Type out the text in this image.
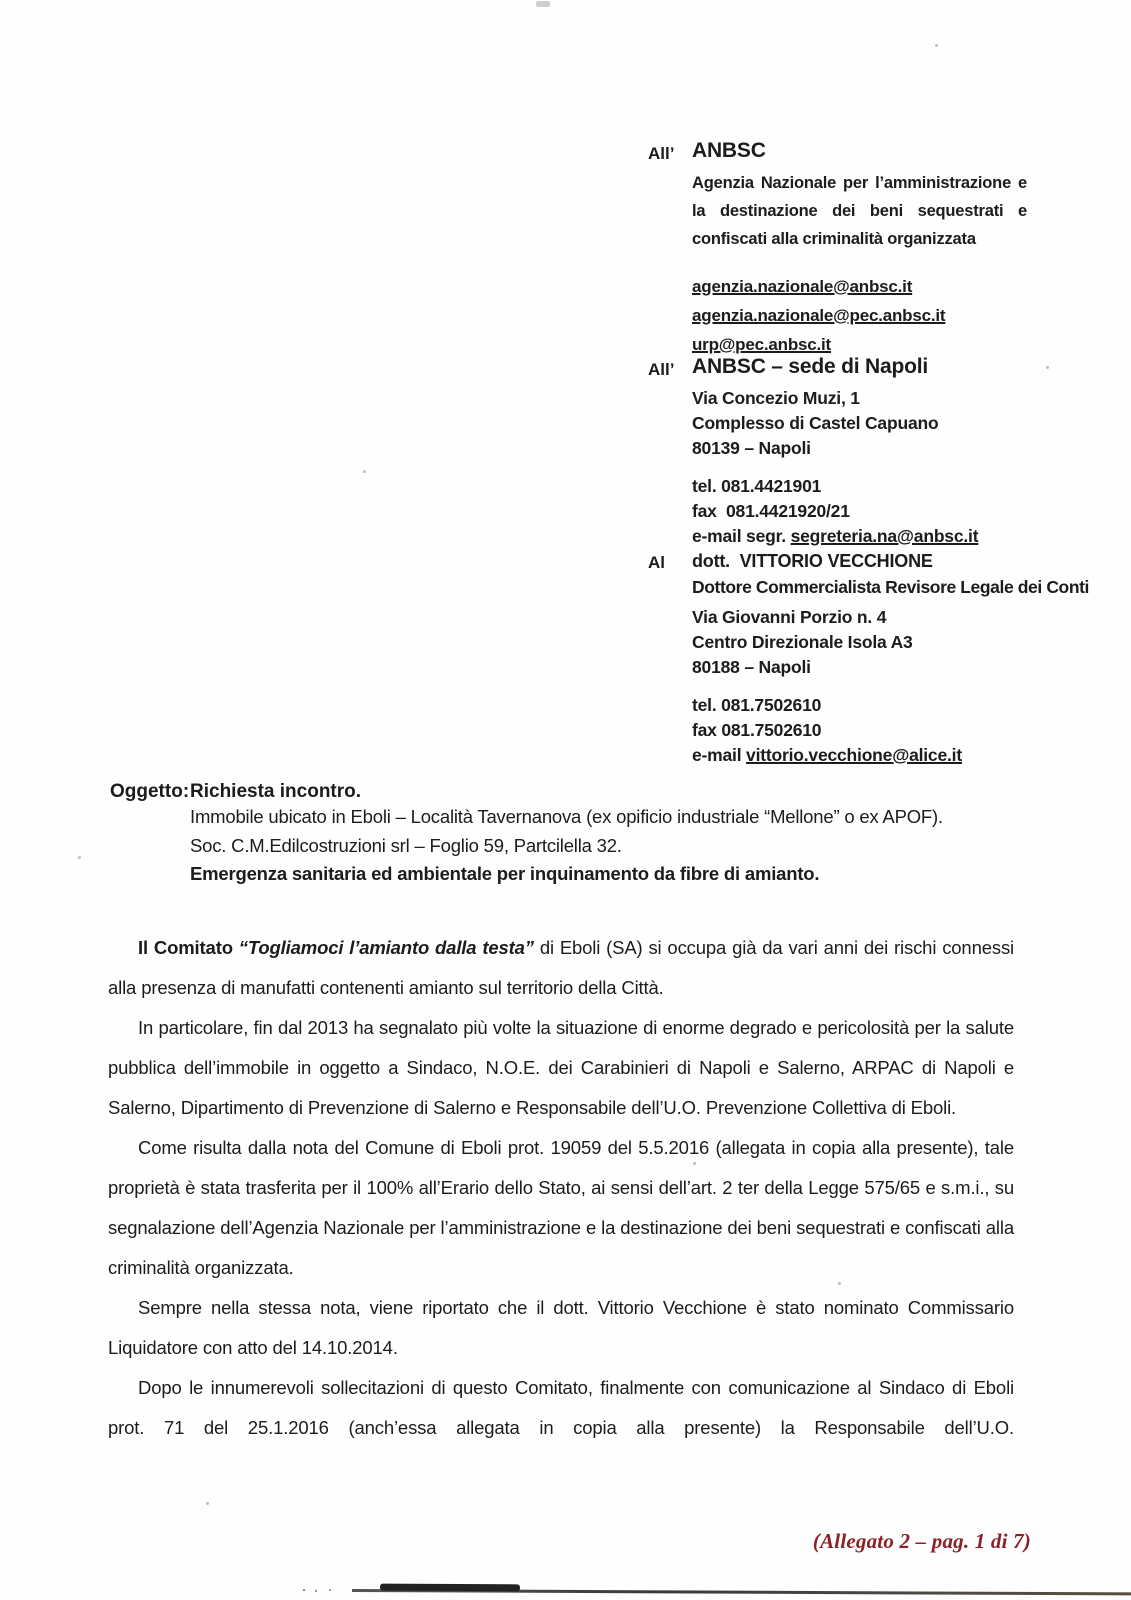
All’ ANBSC
Agenzia Nazionale per l’amministrazione e la destinazione dei beni sequestrati e confiscati alla criminalità organizzata
agenzia.nazionale@anbsc.it
agenzia.nazionale@pec.anbsc.it
urp@pec.anbsc.it
All’ ANBSC – sede di Napoli
Via Concezio Muzi, 1
Complesso di Castel Capuano
80139 – Napoli
tel. 081.4421901
fax  081.4421920/21
e-mail segr. segreteria.na@anbsc.it
Al	dott.  VITTORIO VECCHIONE
Dottore Commercialista Revisore Legale dei Conti
Via Giovanni Porzio n. 4
Centro Direzionale Isola A3
80188 – Napoli
tel. 081.7502610
fax 081.7502610
e-mail vittorio.vecchione@alice.it
Oggetto: Richiesta incontro.
Immobile ubicato in Eboli – Località Tavernanova (ex opificio industriale “Mellone” o ex APOF).
Soc. C.M.Edilcostruzioni srl – Foglio 59, Partcilella 32.
Emergenza sanitaria ed ambientale per inquinamento da fibre di amianto.

Il Comitato “Togliamoci l’amianto dalla testa” di Eboli (SA) si occupa già da vari anni dei rischi connessi alla presenza di manufatti contenenti amianto sul territorio della Città.

In particolare, fin dal 2013 ha segnalato più volte la situazione di enorme degrado e pericolosità per la salute pubblica dell’immobile in oggetto a Sindaco, N.O.E. dei Carabinieri di Napoli e Salerno, ARPAC di Napoli e Salerno, Dipartimento di Prevenzione di Salerno e Responsabile dell’U.O. Prevenzione Collettiva di Eboli.

Come risulta dalla nota del Comune di Eboli prot. 19059 del 5.5.2016 (allegata in copia alla presente), tale proprietà è stata trasferita per il 100% all’Erario dello Stato, ai sensi dell’art. 2 ter della Legge 575/65 e s.m.i., su segnalazione dell’Agenzia Nazionale per l’amministrazione e la destinazione dei beni sequestrati e confiscati alla criminalità organizzata.

Sempre nella stessa nota, viene riportato che il dott. Vittorio Vecchione è stato nominato Commissario Liquidatore con atto del 14.10.2014.

Dopo le innumerevoli sollecitazioni di questo Comitato, finalmente con comunicazione al Sindaco di Eboli prot. 71 del 25.1.2016 (anch’essa allegata in copia alla presente) la Responsabile dell’U.O.

(Allegato 2 – pag. 1 di 7)
